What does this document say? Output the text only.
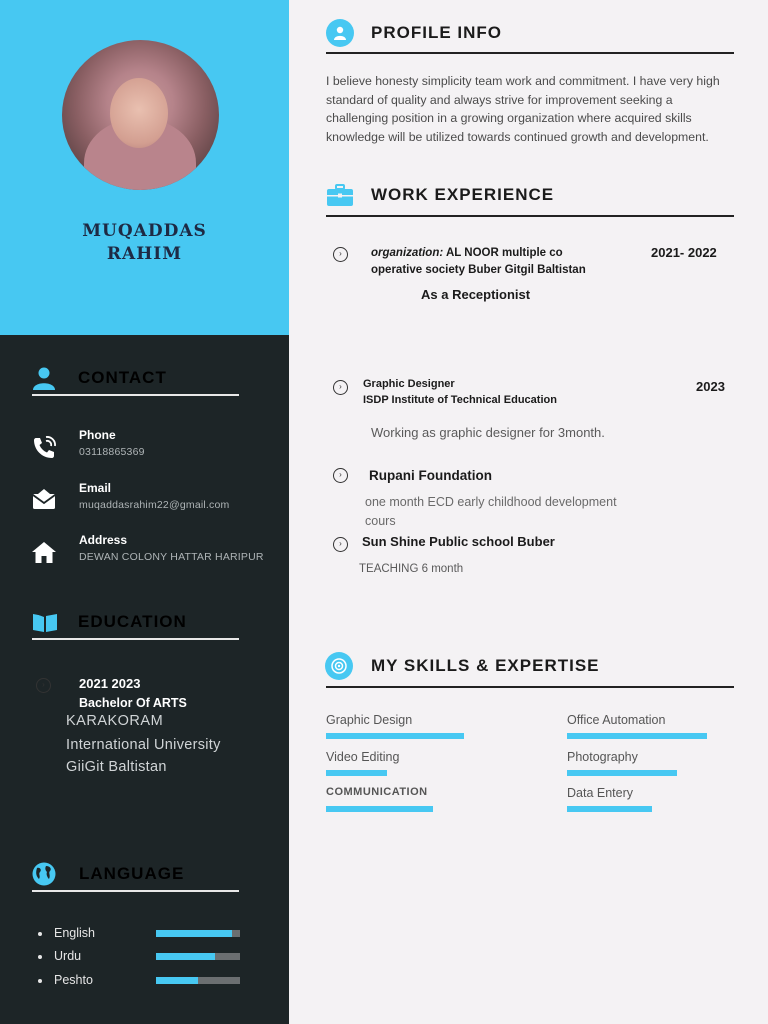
MUQADDAS
RAHIM
CONTACT
Phone
03118865369
Email
muqaddasrahim22@gmail.com
Address
DEWAN COLONY HATTAR HARIPUR
EDUCATION
›	2021 2023
Bachelor Of ARTS
KARAKORAM
International University
GiiGit Baltistan
LANGUAGE
English
Urdu
Peshto
PROFILE INFO
I believe honesty simplicity team work and commitment. I have very high standard of quality and always strive for improvement seeking a challenging position in a growing organization where acquired skills knowledge will be utilized towards continued growth and development.
WORK EXPERIENCE
›	organization: AL NOOR multiple co
operative society Buber Gitgil Baltistan
2021- 2022
As a Receptionist
›	Graphic Designer
ISDP Institute of Technical Education
2023
Working as graphic designer for 3month.
›	Rupani Foundation
one month ECD early childhood development
cours
›	Sun Shine Public school Buber
TEACHING 6 month
MY SKILLS & EXPERTISE
Graphic Design	Office Automation
Video Editing	Photography
COMMUNICATION	Data Entery
